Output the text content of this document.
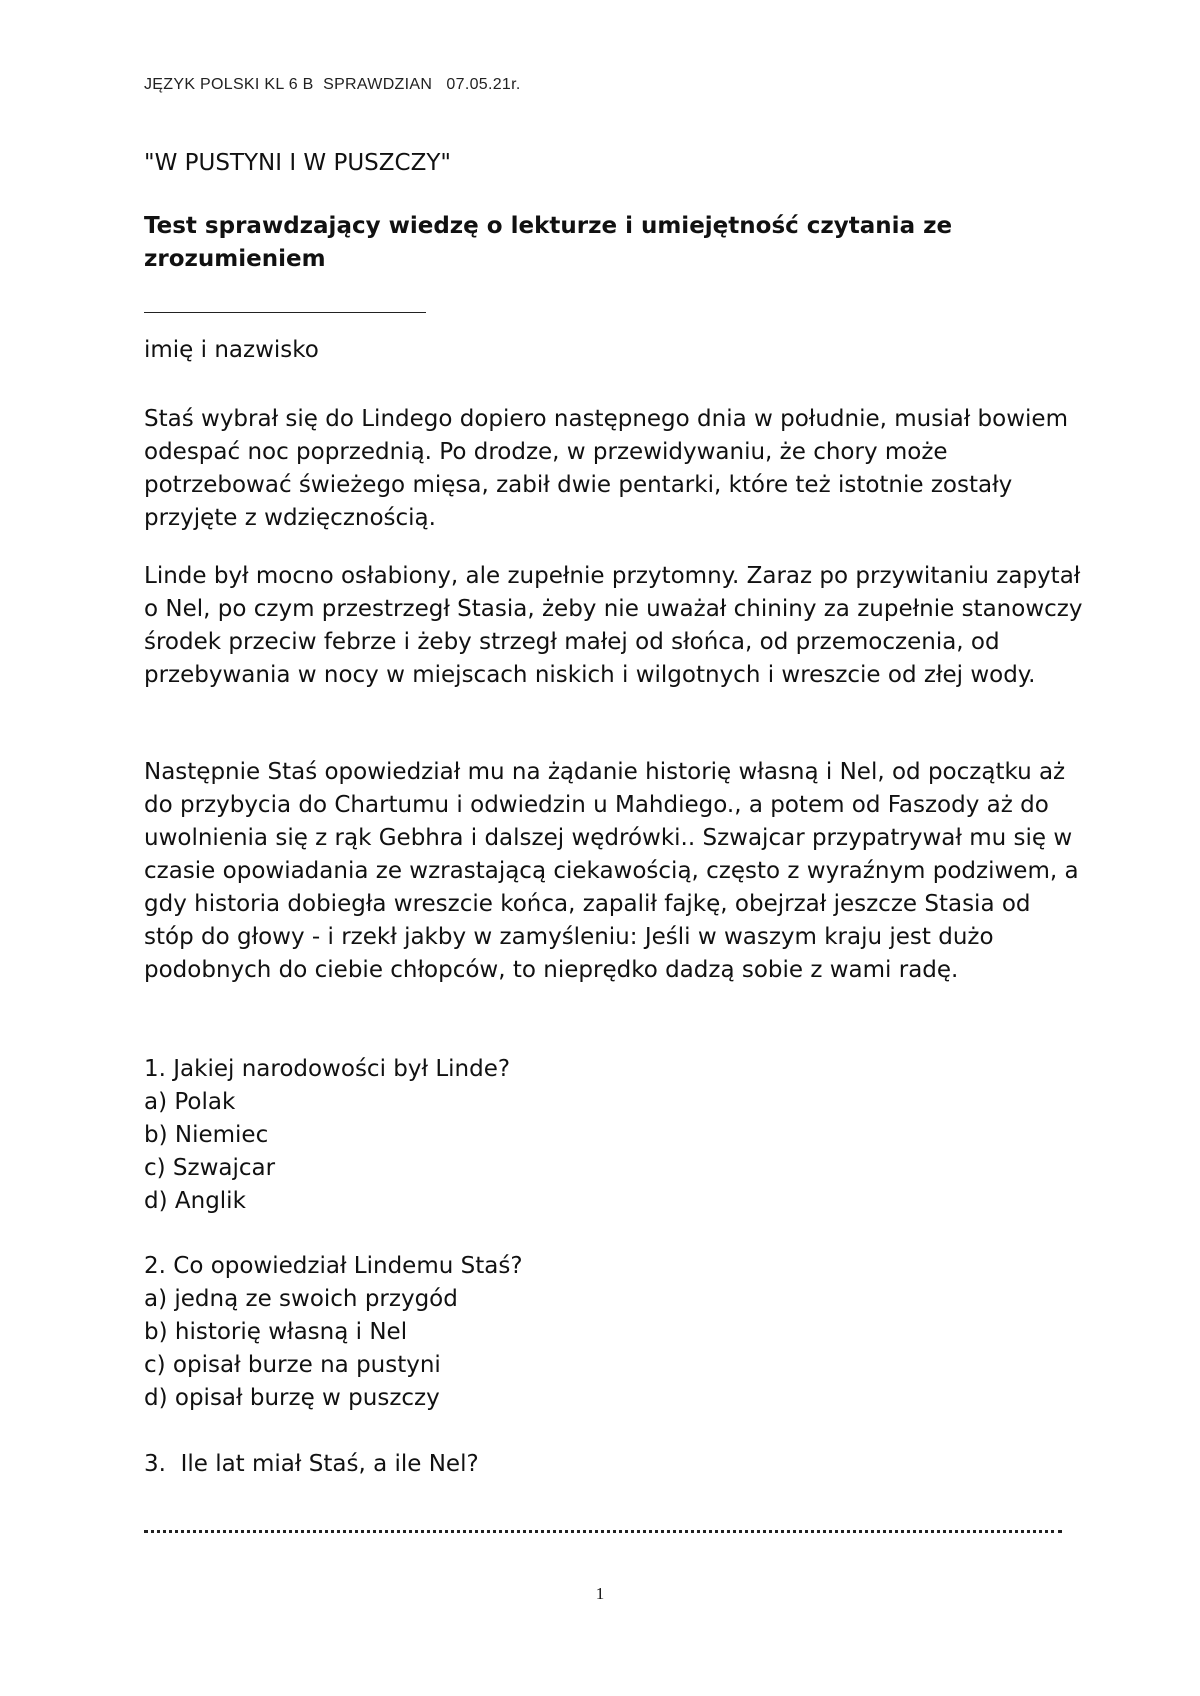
JĘZYK POLSKI KL 6 B  SPRAWDZIAN   07.05.21r.
"W PUSTYNI I W PUSZCZY"
Test sprawdzający wiedzę o lekturze i umiejętność czytania ze zrozumieniem
imię i nazwisko

Staś wybrał się do Lindego dopiero następnego dnia w południe, musiał bowiem odespać noc poprzednią. Po drodze, w przewidywaniu, że chory może potrzebować świeżego mięsa, zabił dwie pentarki, które też istotnie zostały przyjęte z wdzięcznością.

Linde był mocno osłabiony, ale zupełnie przytomny. Zaraz po przywitaniu zapytał o Nel, po czym przestrzegł Stasia, żeby nie uważał chininy za zupełnie stanowczy środek przeciw febrze i żeby strzegł małej od słońca, od przemoczenia, od przebywania w nocy w miejscach niskich i wilgotnych i wreszcie od złej wody.

Następnie Staś opowiedział mu na żądanie historię własną i Nel, od początku aż do przybycia do Chartumu i odwiedzin u Mahdiego., a potem od Faszody aż do uwolnienia się z rąk Gebhra i dalszej wędrówki.. Szwajcar przypatrywał mu się w czasie opowiadania ze wzrastającą ciekawością, często z wyraźnym podziwem, a gdy historia dobiegła wreszcie końca, zapalił fajkę, obejrzał jeszcze Stasia od stóp do głowy - i rzekł jakby w zamyśleniu: Jeśli w waszym kraju jest dużo podobnych do ciebie chłopców, to nieprędko dadzą sobie z wami radę.

1. Jakiej narodowości był Linde?
a) Polak
b) Niemiec
c) Szwajcar
d) Anglik
2. Co opowiedział Lindemu Staś?
a) jedną ze swoich przygód
b) historię własną i Nel
c) opisał burze na pustyni
d) opisał burzę w puszczy
3.  Ile lat miał Staś, a ile Nel?
1
